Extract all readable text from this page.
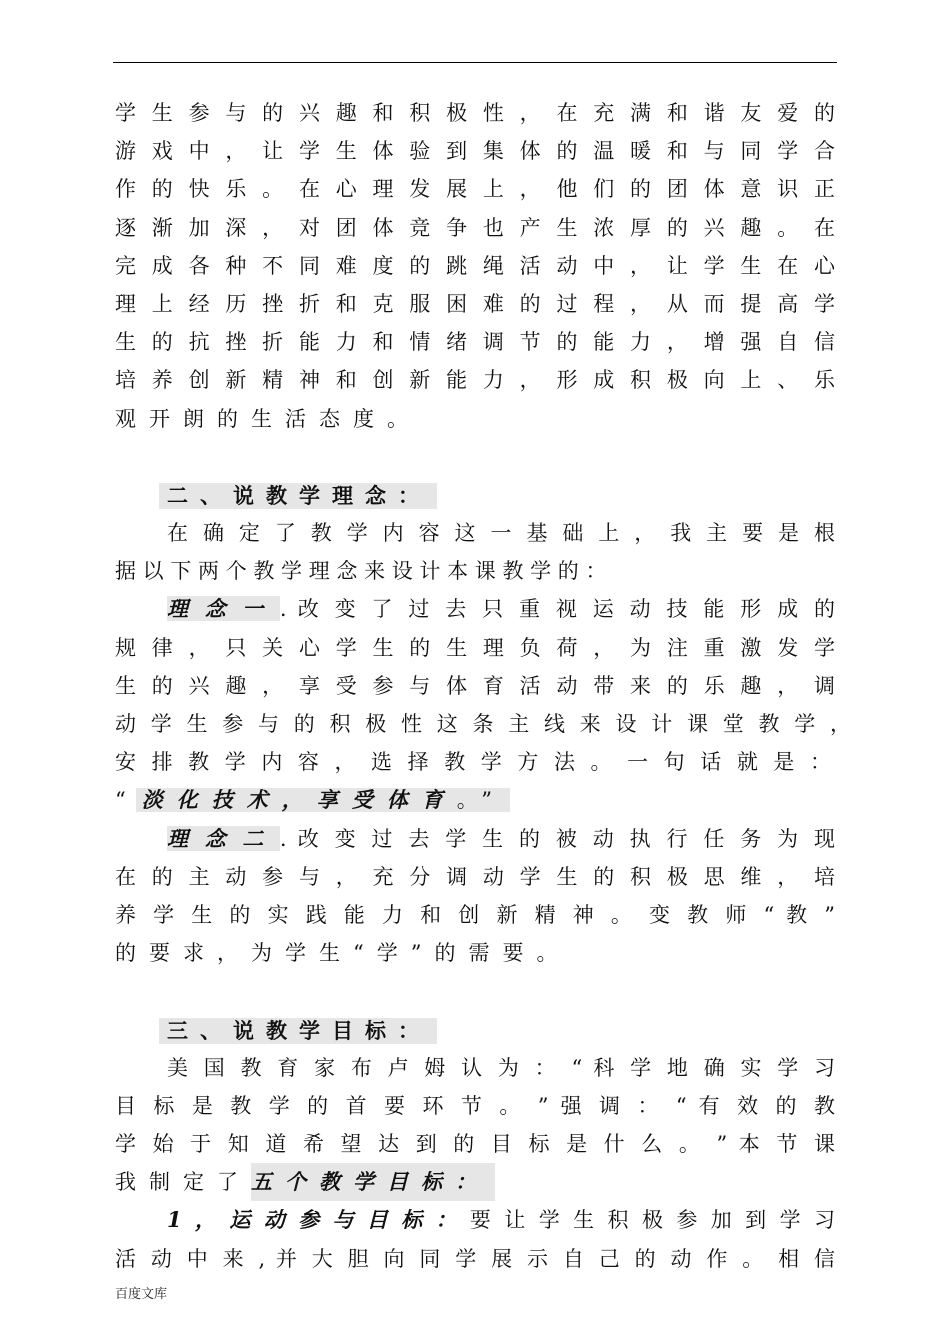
学 生 参 与 的 兴 趣 和 积 极 性 ， 在 充 满 和 谐 友 爱 的
游 戏 中 ， 让 学 生 体 验 到 集 体 的 温 暖 和 与 同 学 合
作 的 快 乐 。 在 心 理 发 展 上 ， 他 们 的 团 体 意 识 正
逐 渐 加 深 ， 对 团 体 竞 争 也 产 生 浓 厚 的 兴 趣 。 在
完 成 各 种 不 同 难 度 的 跳 绳 活 动 中 ， 让 学 生 在 心
理 上 经 历 挫 折 和 克 服 困 难 的 过 程 ， 从 而 提 高 学
生 的 抗 挫 折 能 力 和 情 绪 调 节 的 能 力 ， 增 强 自 信
培 养 创 新 精 神 和 创 新 能 力 ， 形 成 积 极 向 上 、 乐
观开朗的生活态度。
二、说教学理念：
在 确 定 了 教 学 内 容 这 一 基 础 上 ， 我 主 要 是 根
据 以 下 两 个 教 学 理 念 来 设 计 本 课 教 学 的 ：
理念一. 改 变 了 过 去 只 重 视 运 动 技 能 形 成 的
规 律 ， 只 关 心 学 生 的 生 理 负 荷 ， 为 注 重 激 发 学
生 的 兴 趣 ， 享 受 参 与 体 育 活 动 带 来 的 乐 趣 ， 调
动 学 生 参 与 的 积 极 性 这 条 主 线 来 设 计 课 堂 教 学 ，
安 排 教 学 内 容 ， 选 择 教 学 方 法 。 一 句 话 就 是 ：
“ 淡化技术，享受体育。”
理念二. 改 变 过 去 学 生 的 被 动 执 行 任 务 为 现
在 的 主 动 参 与 ， 充 分 调 动 学 生 的 积 极 思 维 ， 培
养 学 生 的 实 践 能 力 和 创 新 精 神 。 变 教 师 “ 教 ”
的要求，为学生“学”的需要。
三、说教学目标：
美 国 教 育 家 布 卢 姆 认 为 ： “ 科 学 地 确 实 学 习
目 标 是 教 学 的 首 要 环 节 。 ” 强 调 ： “ 有 效 的 教
学 始 于 知 道 希 望 达 到 的 目 标 是 什 么 。 ” 本 节 课
我制定了五个教学目标：
1，运动参与目标：要 让 学 生 积 极 参 加 到 学 习
活 动 中 来 , 并 大 胆 向 同 学 展 示 自 己 的 动 作 。 相 信
百度文库
